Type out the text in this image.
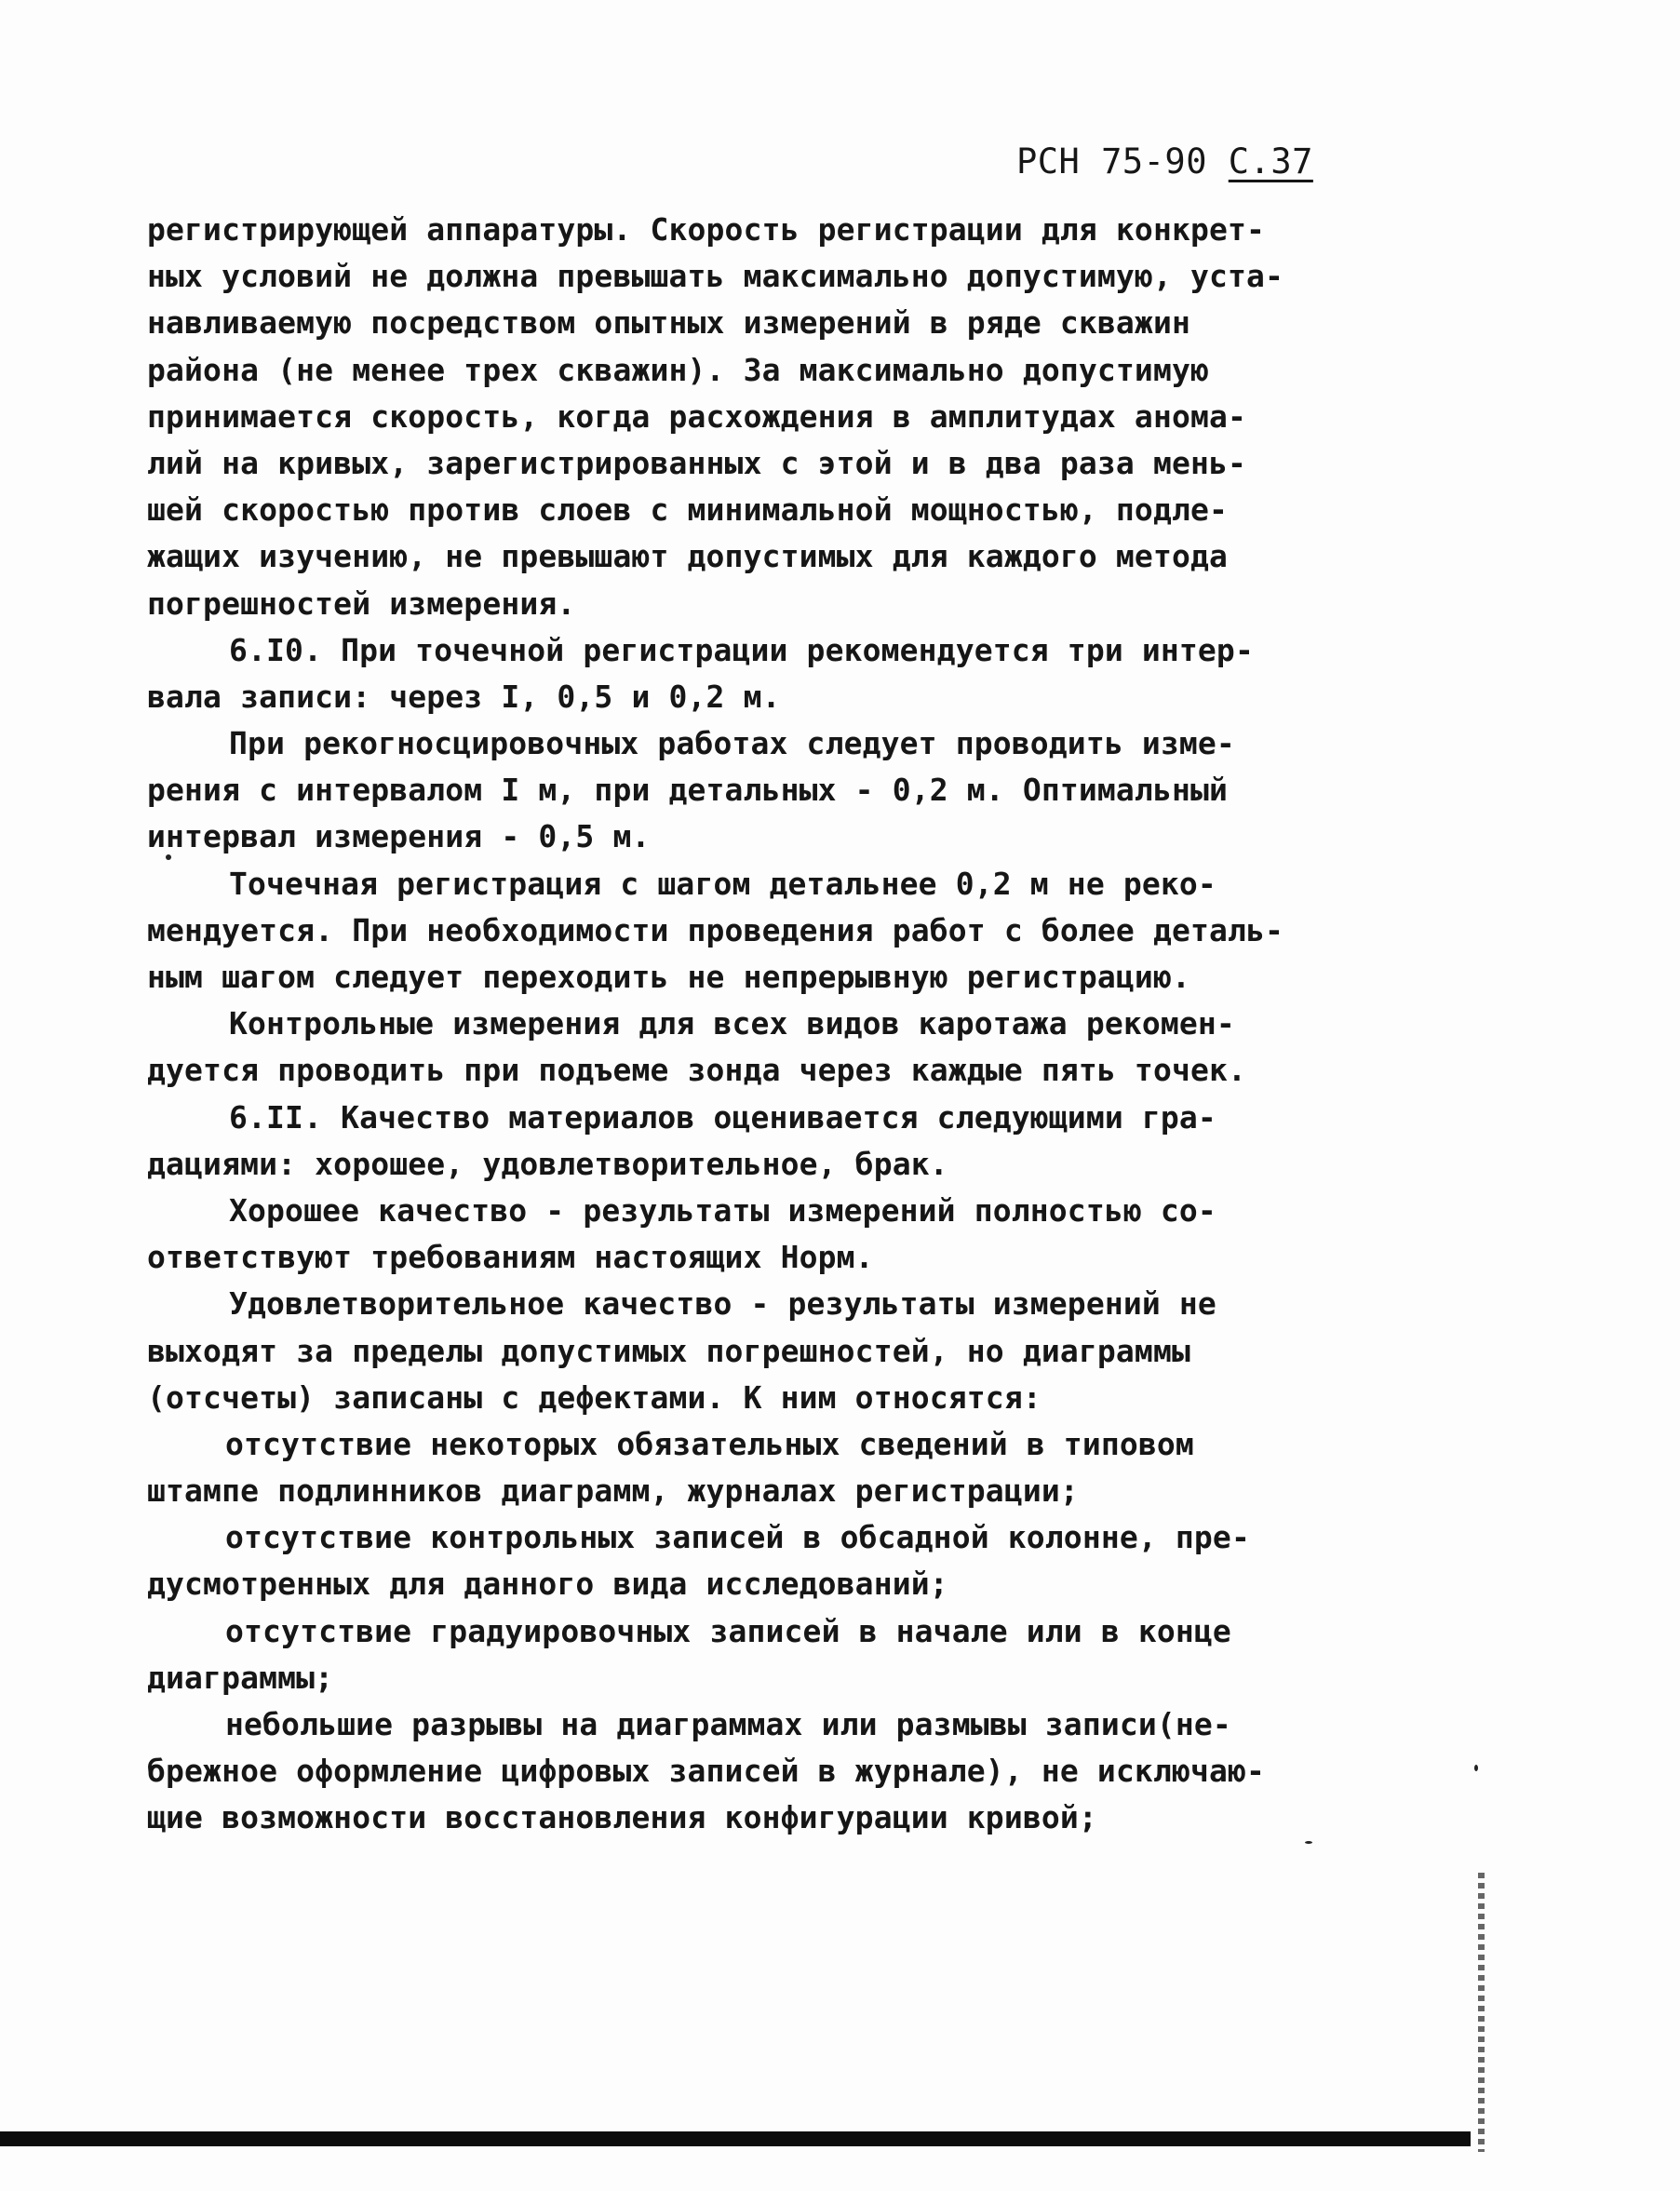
РСН 75-90 С.37
регистрирующей аппаратуры. Скорость регистрации для конкрет-
ных условий не должна превышать максимально допустимую, уста-
навливаемую посредством опытных измерений в ряде скважин
района (не менее трех скважин). За максимально допустимую
принимается скорость, когда расхождения в амплитудах анома-
лий на кривых, зарегистрированных с этой и в два раза мень-
шей скоростью против слоев с минимальной мощностью, подле-
жащих изучению, не превышают допустимых для каждого метода
погрешностей измерения.
6.I0. При точечной регистрации рекомендуется три интер-
вала записи: через I, 0,5 и 0,2 м.
При рекогносцировочных работах следует проводить изме-
рения с интервалом I м, при детальных - 0,2 м. Оптимальный
интервал измерения - 0,5 м.
Точечная регистрация с шагом детальнее 0,2 м не реко-
мендуется. При необходимости проведения работ с более деталь-
ным шагом следует переходить не непрерывную регистрацию.
Контрольные измерения для всех видов каротажа рекомен-
дуется проводить при подъеме зонда через каждые пять точек.
6.II. Качество материалов оценивается следующими гра-
дациями: хорошее, удовлетворительное, брак.
Хорошее качество - результаты измерений полностью со-
ответствуют требованиям настоящих Норм.
Удовлетворительное качество - результаты измерений не
выходят за пределы допустимых погрешностей, но диаграммы
(отсчеты) записаны с дефектами. К ним относятся:
отсутствие некоторых обязательных сведений в типовом
штампе подлинников диаграмм, журналах регистрации;
отсутствие контрольных записей в обсадной колонне, пре-
дусмотренных для данного вида исследований;
отсутствие градуировочных записей в начале или в конце
диаграммы;
небольшие разрывы на диаграммах или размывы записи(не-
брежное оформление цифровых записей в журнале), не исключаю-
щие возможности восстановления конфигурации кривой;
